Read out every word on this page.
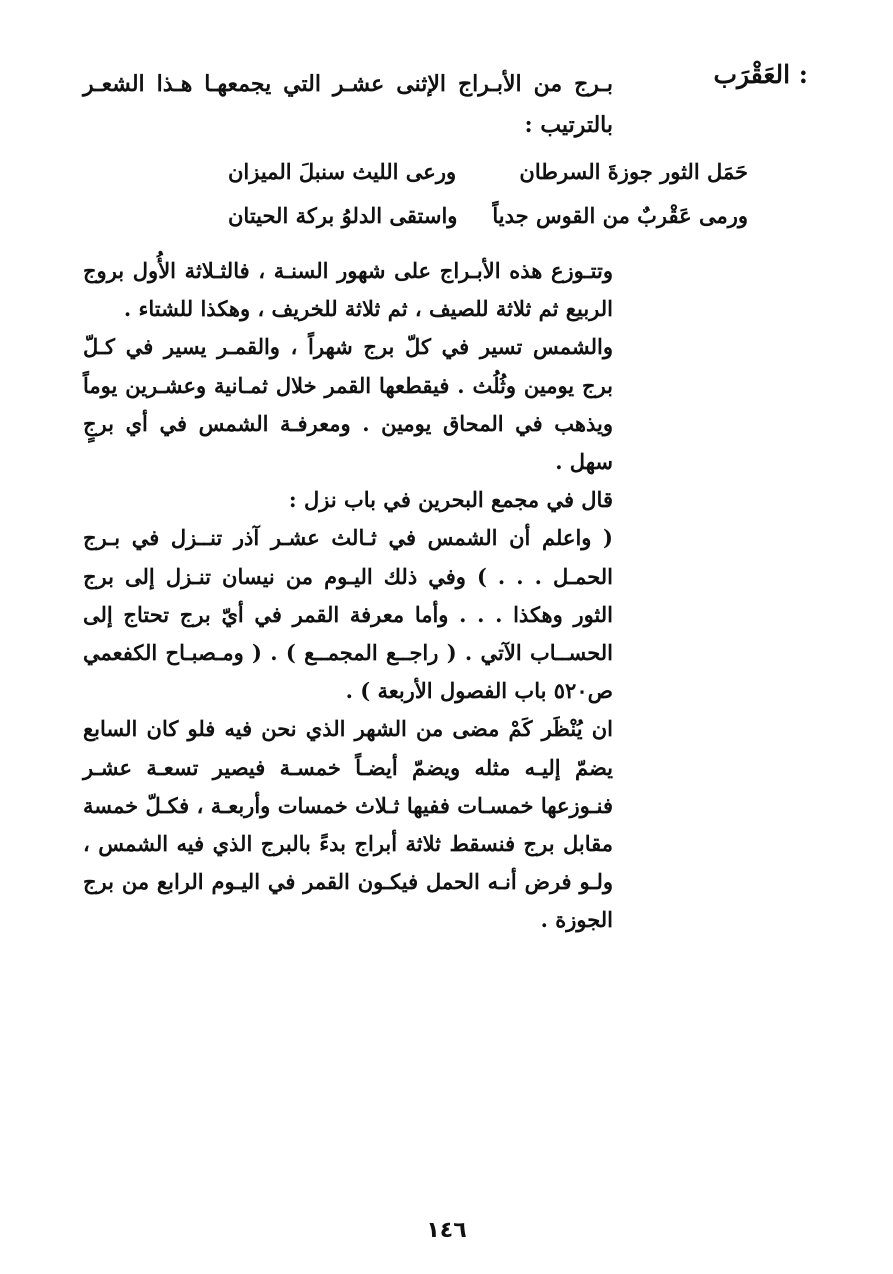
العَقْرَب :
بـرج من الأبـراج الإثنى عشـر التي يجمعهـا هـذا الشعـر بالترتيب :
حَمَل الثور جوزةَ السرطان
ورعى الليث سنبلَ الميزان
ورمى عَقْربٌ من القوس جدياً
واستقى الدلوُ بركة الحيتان
وتتـوزع هذه الأبـراج على شهور السنـة ، فالثـلاثة الأُول بروج الربيع ثم ثلاثة للصيف ، ثم ثلاثة للخريف ، وهكذا للشتاء .
والشمس تسير في كلّ برج شهراً ، والقمـر يسير في كـلّ برج يومين وثُلُث . فيقطعها القمر خلال ثمـانية وعشـرين يوماً ويذهب في المحاق يومين . ومعرفـة الشمس في أي برجٍ سهل .
قال في مجمع البحرين في باب نزل :
( واعلم أن الشمس في ثـالث عشـر آذر تنــزل في بـرج الحمـل . . . ) وفي ذلك اليـوم من نيسان تنـزل إلى برج الثور وهكذا . . . وأما معرفة القمر في أيّ برج تحتاج إلى الحســاب الآتي . ( راجــع المجمــع ) . ( ومـصبـاح الكفعمي ص٥٢٠ باب الفصول الأربعة ) .
ان يُنْظَر كَمْ مضى من الشهر الذي نحن فيه فلو كان السابع يضمّ إليـه مثله ويضمّ أيضـاً خمسـة فيصير تسعـة عشـر فنـوزعها خمسـات ففيها ثـلاث خمسات وأربعـة ، فكـلّ خمسة مقابل برج فنسقط ثلاثة أبراج بدءً بالبرج الذي فيه الشمس ، ولـو فرض أنـه الحمل فيكـون القمر في اليـوم الرابع من برج الجوزة .
١٤٦
